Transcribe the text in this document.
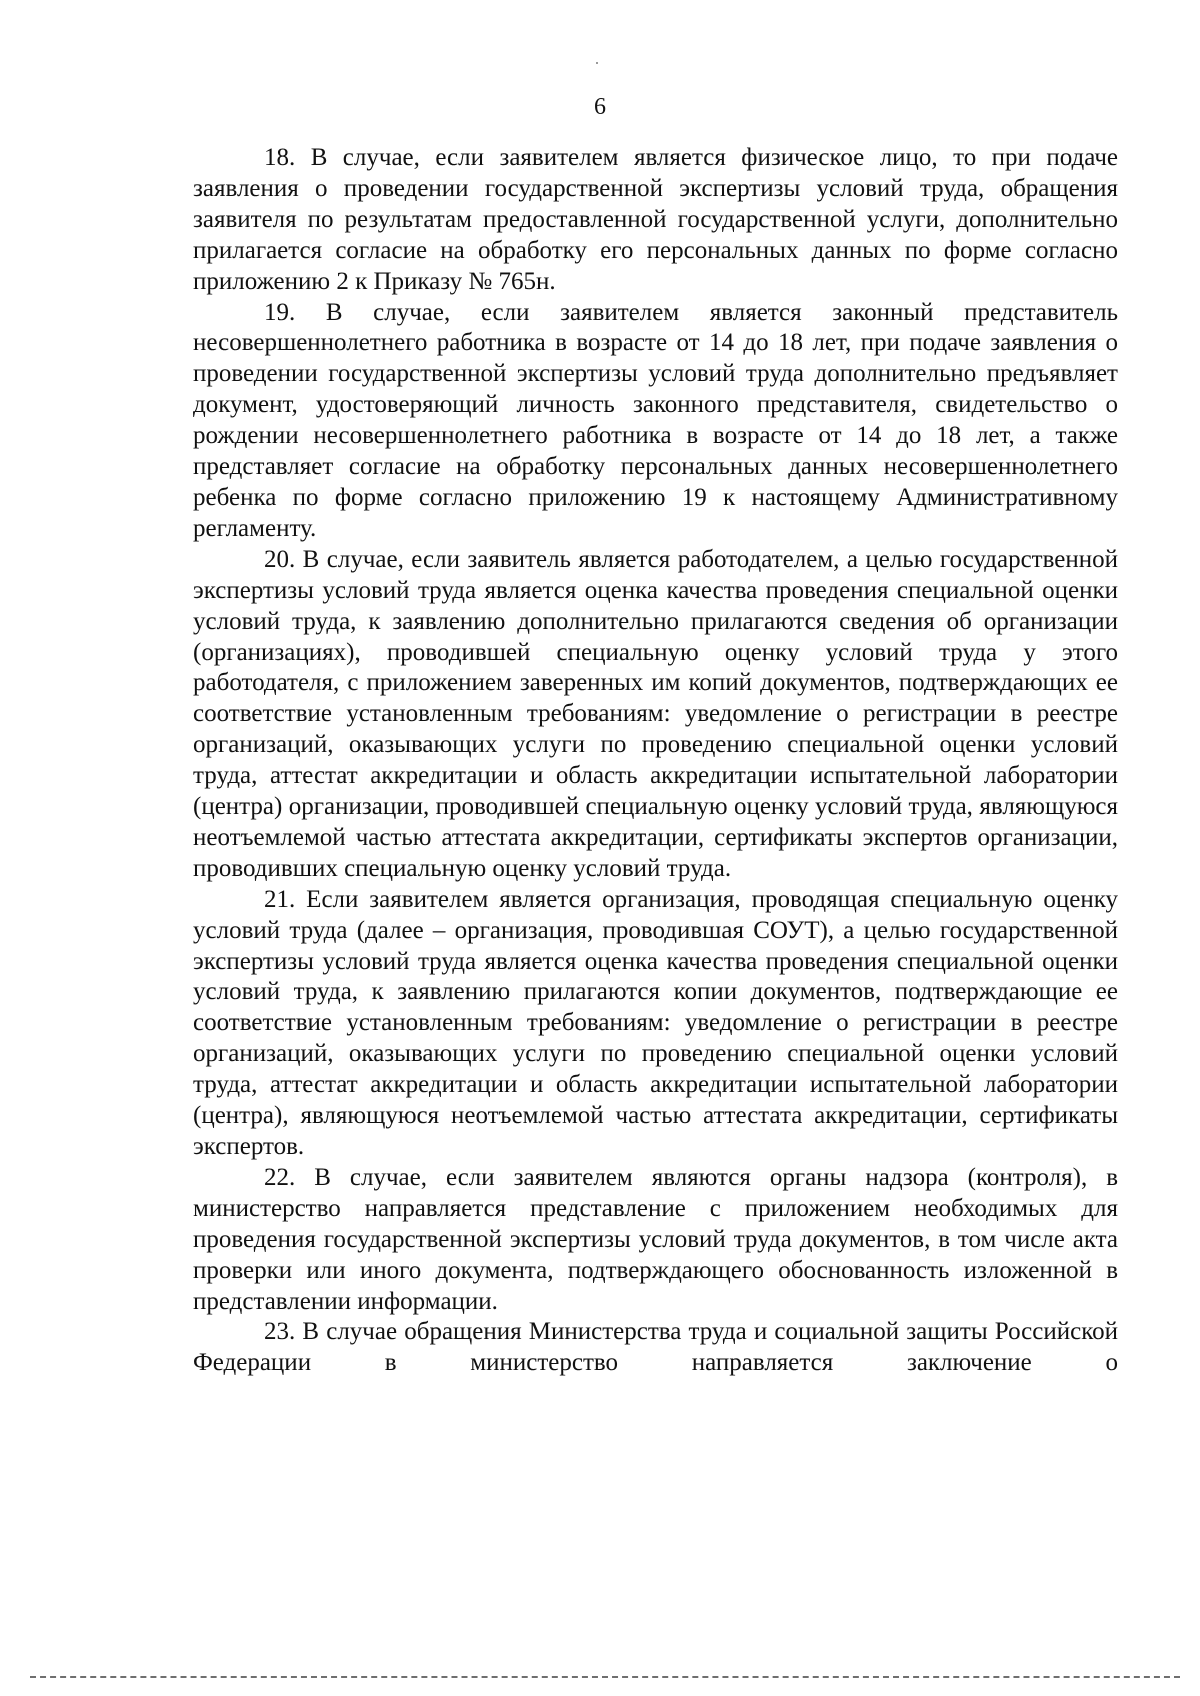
6

18. В случае, если заявителем является физическое лицо, то при подаче заявления о проведении государственной экспертизы условий труда, обращения заявителя по результатам предоставленной государственной услуги, дополнительно прилагается согласие на обработку его персональных данных по форме согласно приложению 2 к Приказу № 765н.

19. В случае, если заявителем является законный представитель несовершеннолетнего работника в возрасте от 14 до 18 лет, при подаче заявления о проведении государственной экспертизы условий труда дополнительно предъявляет документ, удостоверяющий личность законного представителя, свидетельство о рождении несовершеннолетнего работника в возрасте от 14 до 18 лет, а также представляет согласие на обработку персональных данных несовершеннолетнего ребенка по форме согласно приложению 19 к настоящему Административному регламенту.

20. В случае, если заявитель является работодателем, а целью государственной экспертизы условий труда является оценка качества проведения специальной оценки условий труда, к заявлению дополнительно прилагаются сведения об организации (организациях), проводившей специальную оценку условий труда у этого работодателя, с приложением заверенных им копий документов, подтверждающих ее соответствие установленным требованиям: уведомление о регистрации в реестре организаций, оказывающих услуги по проведению специальной оценки условий труда, аттестат аккредитации и область аккредитации испытательной лаборатории (центра) организации, проводившей специальную оценку условий труда, являющуюся неотъемлемой частью аттестата аккредитации, сертификаты экспертов организации, проводивших специальную оценку условий труда.

21. Если заявителем является организация, проводящая специальную оценку условий труда (далее – организация, проводившая СОУТ), а целью государственной экспертизы условий труда является оценка качества проведения специальной оценки условий труда, к заявлению прилагаются копии документов, подтверждающие ее соответствие установленным требованиям: уведомление о регистрации в реестре организаций, оказывающих услуги по проведению специальной оценки условий труда, аттестат аккредитации и область аккредитации испытательной лаборатории (центра), являющуюся неотъемлемой частью аттестата аккредитации, сертификаты экспертов.

22. В случае, если заявителем являются органы надзора (контроля), в министерство направляется представление с приложением необходимых для проведения государственной экспертизы условий труда документов, в том числе акта проверки или иного документа, подтверждающего обоснованность изложенной в представлении информации.

23. В случае обращения Министерства труда и социальной защиты Российской Федерации в министерство направляется заключение о
